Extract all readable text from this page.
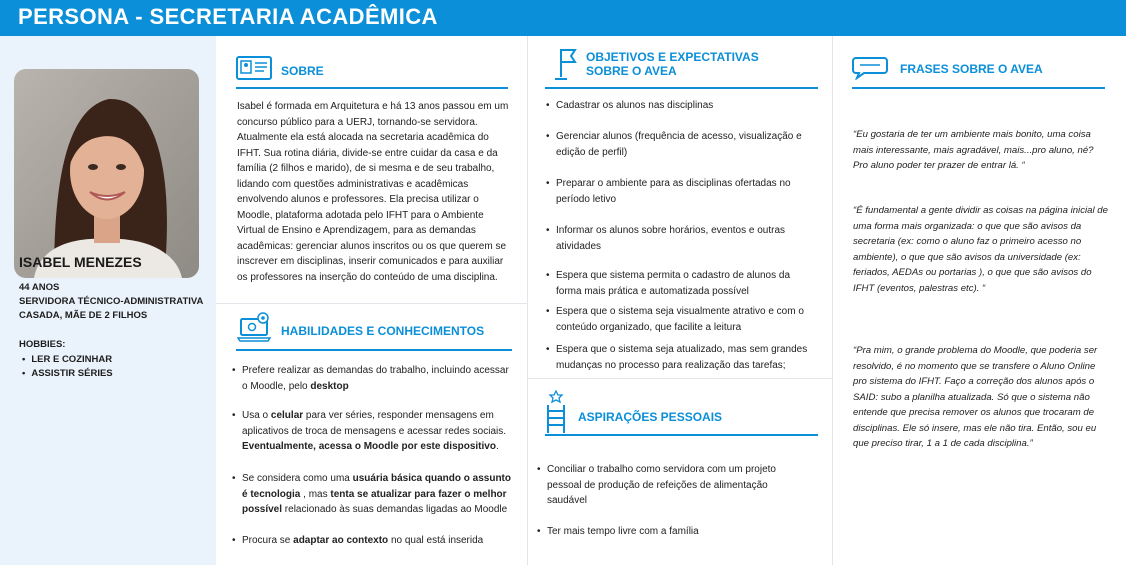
PERSONA - SECRETARIA ACADÊMICA
ISABEL MENEZES
44 ANOS
SERVIDORA TÉCNICO-ADMINISTRATIVA
CASADA, MÃE DE 2 FILHOS
HOBBIES:
• LER E COZINHAR
• ASSISTIR SÉRIES
SOBRE
Isabel é formada em Arquitetura e há 13 anos passou em um concurso público para a UERJ, tornando-se servidora. Atualmente ela está alocada na secretaria acadêmica do IFHT. Sua rotina diária, divide-se entre cuidar da casa e da família (2 filhos e marido), de si mesma e de seu trabalho, lidando com questões administrativas e acadêmicas envolvendo alunos e professores. Ela precisa utilizar o Moodle, plataforma adotada pelo IFHT para o Ambiente Virtual de Ensino e Aprendizagem, para as demandas acadêmicas: gerenciar alunos inscritos ou os que querem se inscrever em disciplinas, inserir comunicados e para auxiliar os professores na inserção do conteúdo de uma disciplina.
HABILIDADES E CONHECIMENTOS
• Prefere realizar as demandas do trabalho, incluindo acessar o Moodle, pelo desktop
• Usa o celular para ver séries, responder mensagens em aplicativos de troca de mensagens e acessar redes sociais. Eventualmente, acessa o Moodle por este dispositivo.
• Se considera como uma usuária básica quando o assunto é tecnologia , mas tenta se atualizar para fazer o melhor possível relacionado às suas demandas ligadas ao Moodle
• Procura se adaptar ao contexto no qual está inserida
OBJETIVOS E EXPECTATIVAS
SOBRE O AVEA
• Cadastrar os alunos nas disciplinas
• Gerenciar alunos (frequência de acesso, visualização e edição de perfil)
• Preparar o ambiente para as disciplinas ofertadas no período letivo
• Informar os alunos sobre horários, eventos e outras atividades
• Espera que sistema permita o cadastro de alunos da forma mais prática e automatizada possível
• Espera que o sistema seja visualmente atrativo e com o conteúdo organizado, que facilite a leitura
• Espera que o sistema seja atualizado, mas sem grandes mudanças no processo para realização das tarefas;
ASPIRAÇÕES PESSOAIS
• Conciliar o trabalho como servidora com um projeto pessoal de produção de refeições de alimentação saudável
• Ter mais tempo livre com a família
FRASES SOBRE O AVEA
“Eu gostaria de ter um ambiente mais bonito, uma coisa mais interessante, mais agradável, mais...pro aluno, né? Pro aluno poder ter prazer de entrar lá. “
“É fundamental a gente dividir as coisas na página inicial de uma forma mais organizada: o que que são avisos da secretaria (ex: como o aluno faz o primeiro acesso no ambiente), o que que são avisos da universidade (ex: feriados, AEDAs ou portarias ), o que que são avisos do IFHT (eventos, palestras etc). “
“Pra mim, o grande problema do Moodle, que poderia ser resolvido, é no momento que se transfere o Aluno Online pro sistema do IFHT. Faço a correção dos alunos após o SAID: subo a planilha atualizada. Só que o sistema não entende que precisa remover os alunos que trocaram de disciplinas. Ele só insere, mas ele não tira. Então, sou eu que preciso tirar, 1 a 1 de cada disciplina.”
